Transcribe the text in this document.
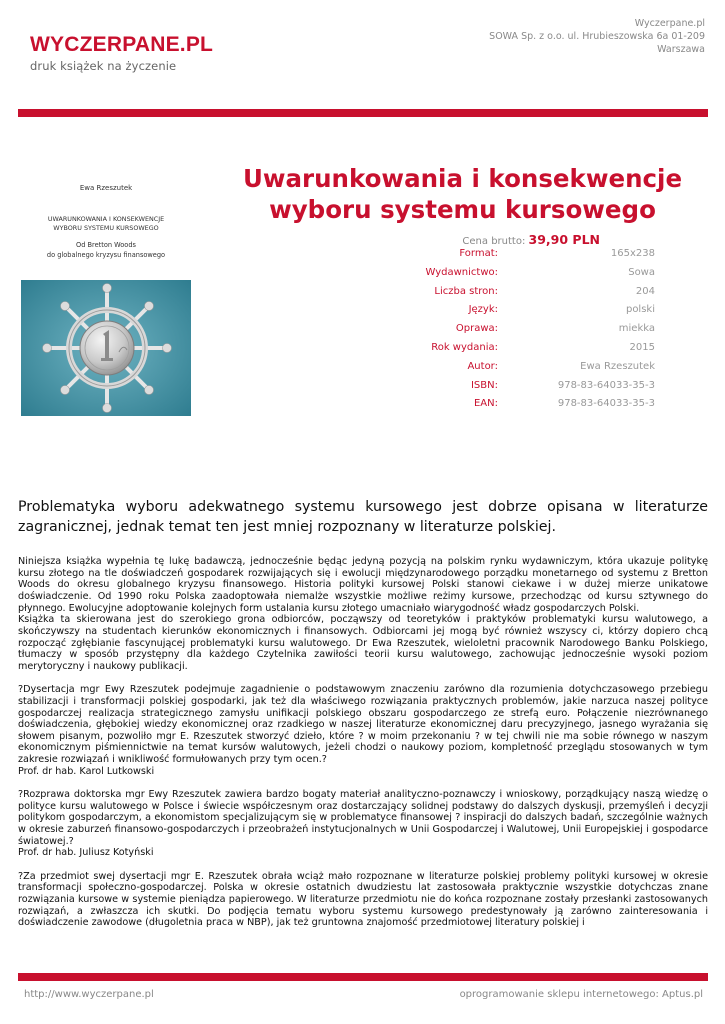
WYCZERPANE.PL
druk książek na życzenie
Wyczerpane.pl
SOWA Sp. z o.o. ul. Hrubieszowska 6a 01-209
Warszawa
Ewa Rzeszutek
UWARUNKOWANIA I KONSEKWENCJE
WYBORU SYSTEMU KURSOWEGO
Od Bretton Woods
do globalnego kryzysu finansowego
Uwarunkowania i konsekwencje
wyboru systemu kursowego
Cena brutto: 39,90 PLN
Format:	165x238
Wydawnictwo:	Sowa
Liczba stron:	204
Język:	polski
Oprawa:	miekka
Rok wydania:	2015
Autor:	Ewa Rzeszutek
ISBN:	978-83-64033-35-3
EAN:	978-83-64033-35-3
Problematyka wyboru adekwatnego systemu kursowego jest dobrze opisana w literaturze zagranicznej, jednak temat ten jest mniej rozpoznany w literaturze polskiej.

Niniejsza książka wypełnia tę lukę badawczą, jednocześnie będąc jedyną pozycją na polskim rynku wydawniczym, która ukazuje politykę kursu złotego na tle doświadczeń gospodarek rozwijających się i ewolucji międzynarodowego porządku monetarnego od systemu z Bretton Woods do okresu globalnego kryzysu finansowego. Historia polityki kursowej Polski stanowi ciekawe i w dużej mierze unikatowe doświadczenie. Od 1990 roku Polska zaadoptowała niemalże wszystkie możliwe reżimy kursowe, przechodząc od kursu sztywnego do płynnego. Ewolucyjne adoptowanie kolejnych form ustalania kursu złotego umacniało wiarygodność władz gospodarczych Polski.

Książka ta skierowana jest do szerokiego grona odbiorców, począwszy od teoretyków i praktyków problematyki kursu walutowego, a skończywszy na studentach kierunków ekonomicznych i finansowych. Odbiorcami jej mogą być również wszyscy ci, którzy dopiero chcą rozpocząć zgłębianie fascynującej problematyki kursu walutowego. Dr Ewa Rzeszutek, wieloletni pracownik Narodowego Banku Polskiego, tłumaczy w sposób przystępny dla każdego Czytelnika zawiłości teorii kursu walutowego, zachowując jednocześnie wysoki poziom merytoryczny i naukowy publikacji.

?Dysertacja mgr Ewy Rzeszutek podejmuje zagadnienie o podstawowym znaczeniu zarówno dla rozumienia dotychczasowego przebiegu stabilizacji i transformacji polskiej gospodarki, jak też dla właściwego rozwiązania praktycznych problemów, jakie narzuca naszej polityce gospodarczej realizacja strategicznego zamysłu unifikacji polskiego obszaru gospodarczego ze strefą euro. Połączenie niezrównanego doświadczenia, głębokiej wiedzy ekonomicznej oraz rzadkiego w naszej literaturze ekonomicznej daru precyzyjnego, jasnego wyrażania się słowem pisanym, pozwoliło mgr E. Rzeszutek stworzyć dzieło, które ? w moim przekonaniu ? w tej chwili nie ma sobie równego w naszym ekonomicznym piśmiennictwie na temat kursów walutowych, jeżeli chodzi o naukowy poziom, kompletność przeglądu stosowanych w tym zakresie rozwiązań i wnikliwość formułowanych przy tym ocen.?

Prof. dr hab. Karol Lutkowski

?Rozprawa doktorska mgr Ewy Rzeszutek zawiera bardzo bogaty materiał analityczno-poznawczy i wnioskowy, porządkujący naszą wiedzę o polityce kursu walutowego w Polsce i świecie współczesnym oraz dostarczający solidnej podstawy do dalszych dyskusji, przemyśleń i decyzji politykom gospodarczym, a ekonomistom specjalizującym się w problematyce finansowej ? inspiracji do dalszych badań, szczególnie ważnych w okresie zaburzeń finansowo-gospodarczych i przeobrażeń instytucjonalnych w Unii Gospodarczej i Walutowej, Unii Europejskiej i gospodarce światowej.?

Prof. dr hab. Juliusz Kotyński

?Za przedmiot swej dysertacji mgr E. Rzeszutek obrała wciąż mało rozpoznane w literaturze polskiej problemy polityki kursowej w okresie transformacji społeczno-gospodarczej. Polska w okresie ostatnich dwudziestu lat zastosowała praktycznie wszystkie dotychczas znane rozwiązania kursowe w systemie pieniądza papierowego. W literaturze przedmiotu nie do końca rozpoznane zostały przesłanki zastosowanych rozwiązań, a zwłaszcza ich skutki. Do podjęcia tematu wyboru systemu kursowego predestynowały ją zarówno zainteresowania i doświadczenie zawodowe (długoletnia praca w NBP), jak też gruntowna znajomość przedmiotowej literatury polskiej i

http://www.wyczerpane.pl	oprogramowanie sklepu internetowego: Aptus.pl
